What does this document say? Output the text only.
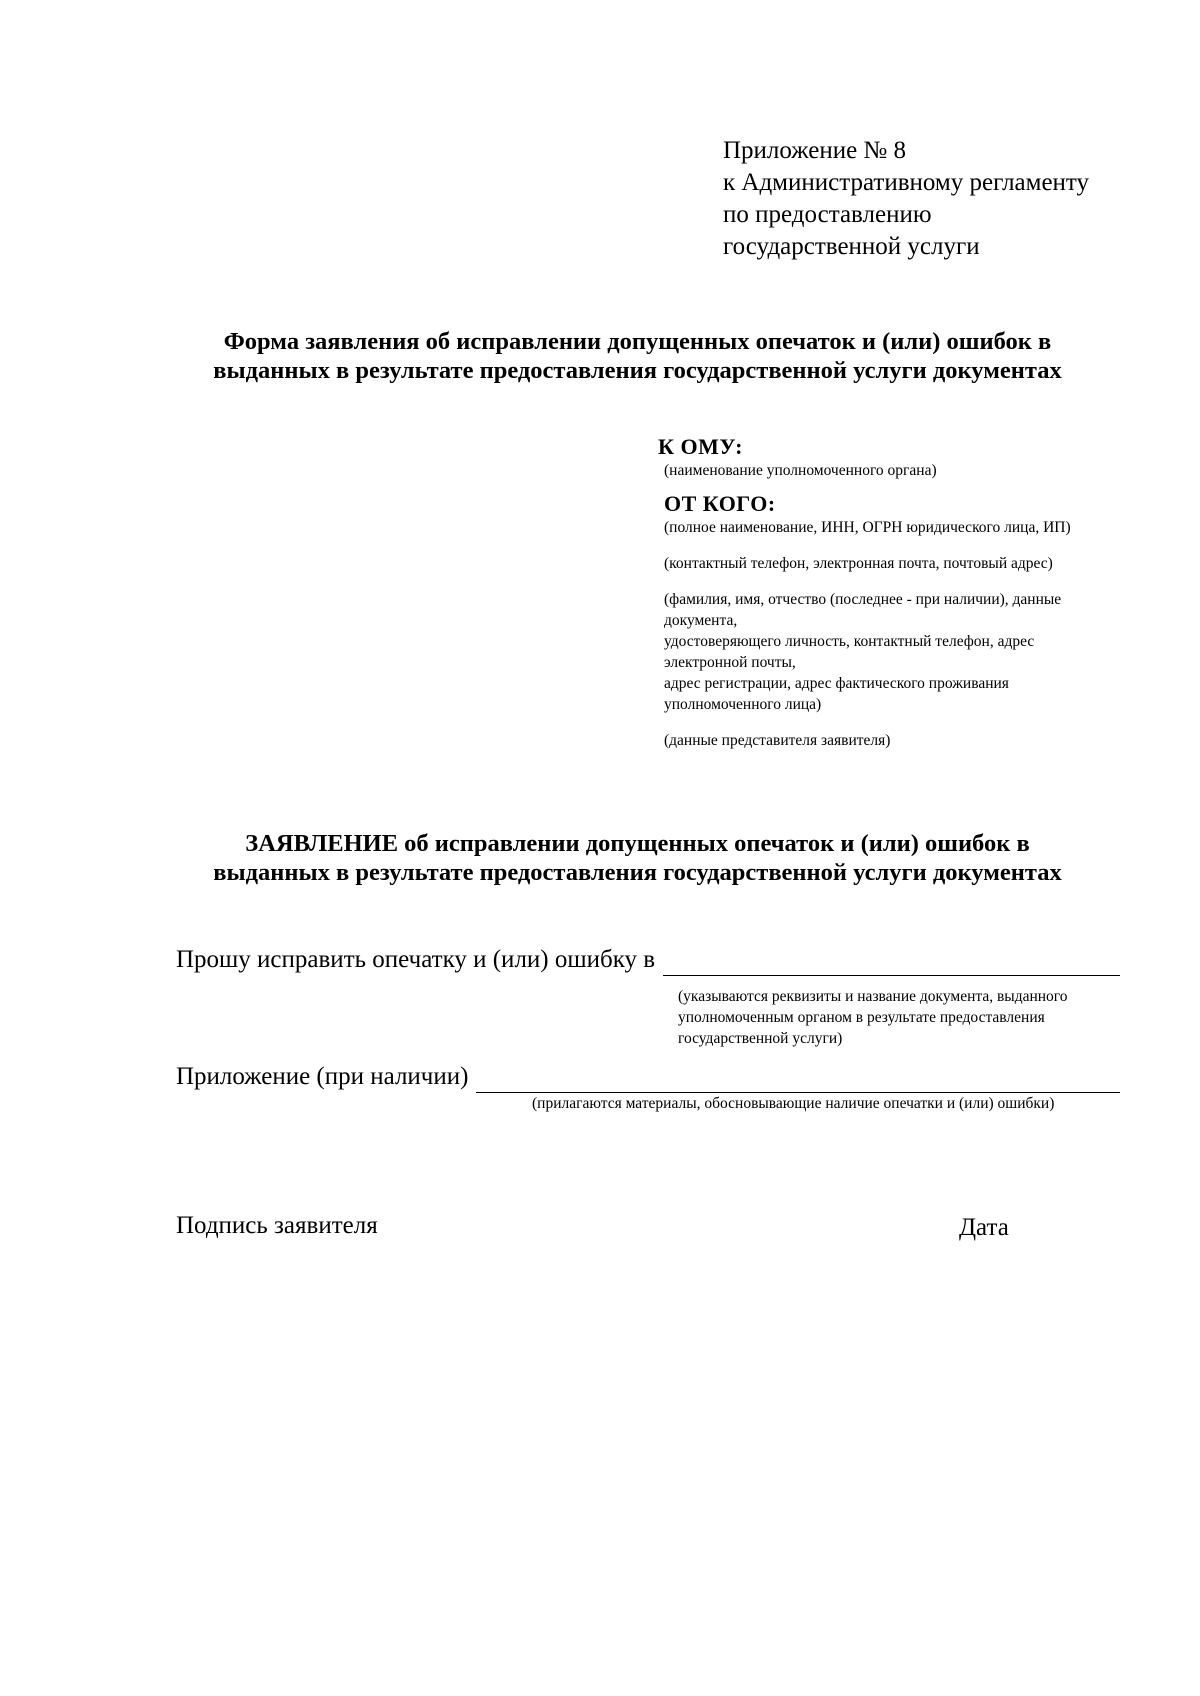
Приложение № 8
к Административному регламенту
по предоставлению
государственной услуги
Форма заявления об исправлении допущенных опечаток и (или) ошибок в
выданных в результате предоставления государственной услуги документах
К ОМУ:
(наименование уполномоченного органа)
ОТ КОГО:
(полное наименование, ИНН, ОГРН юридического лица, ИП)
(контактный телефон, электронная почта, почтовый адрес)
(фамилия, имя, отчество (последнее - при наличии), данные
документа,
удостоверяющего личность, контактный телефон, адрес
электронной почты,
адрес регистрации, адрес фактического проживания
уполномоченного лица)
(данные представителя заявителя)
ЗАЯВЛЕНИЕ об исправлении допущенных опечаток и (или) ошибок в
выданных в результате предоставления государственной услуги документах
Прошу исправить опечатку и (или) ошибку в
(указываются реквизиты и название документа, выданного
уполномоченным органом в результате предоставления
государственной услуги)
Приложение (при наличии)
(прилагаются материалы, обосновывающие наличие опечатки и (или) ошибки)
Подпись заявителя	Дата
